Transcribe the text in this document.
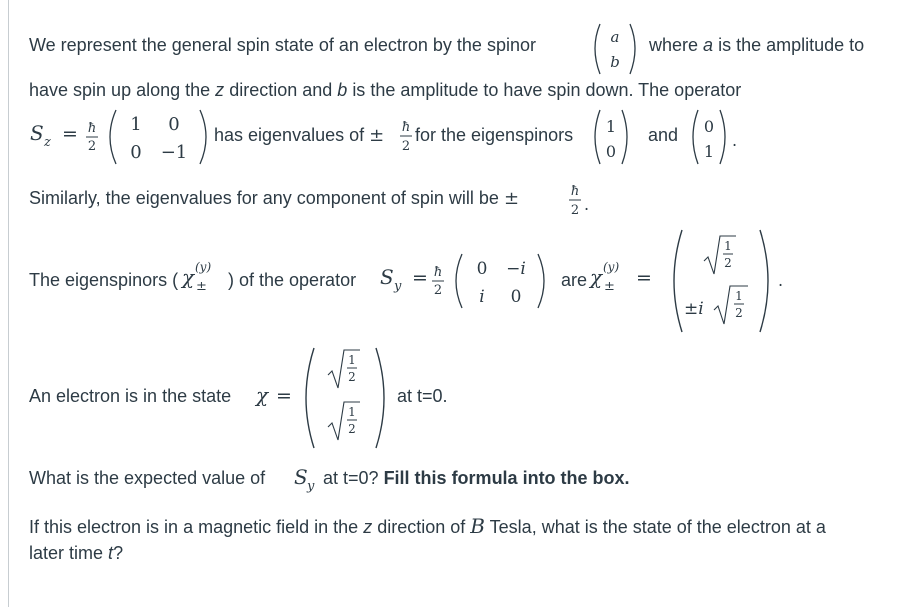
We represent the general spin state of an electron by the spinor	a
b
where a is the amplitude to
have spin up along the z direction and b is the amplitude to have spin down. The operator
S z = ħ
2
1 0
0 −1
has eigenvalues of ± ħ
2
for the eigenspinors 1
0
and 0
1
.
Similarly, the eigenvalues for any component of spin will be ±	ħ
2 .
The eigenspinors ( χ (y)
± ) of the operator S y = ħ
2
0 −i
i 0
are χ (y)
± =
1
2
±i
1
2
.
An electron is in the state χ =
1
2
1
2
at t=0.
What is the expected value of S y at t=0? Fill this formula into the box.
If this electron is in a magnetic field in the z direction of B Tesla, what is the state of the electron at a
later time t?
